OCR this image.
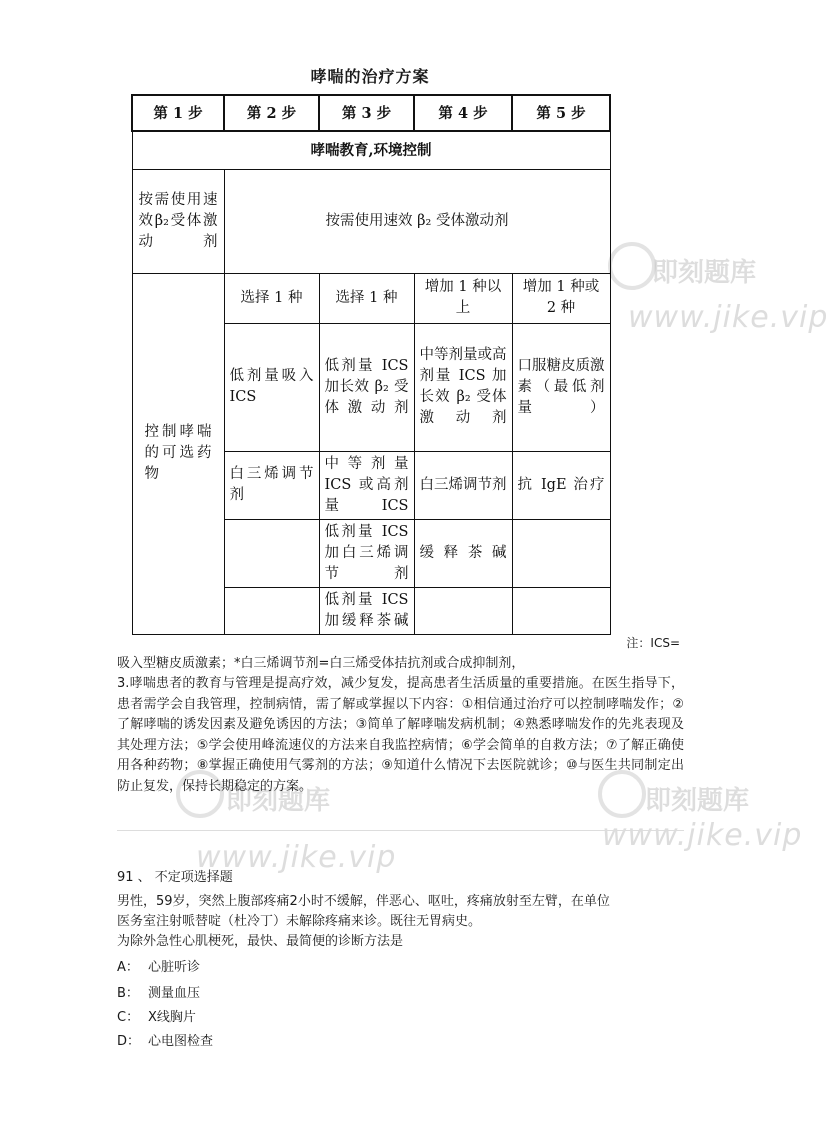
即刻题库
www.jike.vip
即刻题库
www.jike.vip
即刻题库
www.jike.vip
哮喘的治疗方案
第 1 步	第 2 步	第 3 步	第 4 步	第 5 步
哮喘教育,环境控制				
按需使用速效β₂受体激动剂	按需使用速效 β₂ 受体激动剂			
控制哮喘的可选药物	选择 1 种	选择 1 种	增加 1 种以上	增加 1 种或 2 种
	低剂量吸入 ICS	低剂量 ICS 加长效 β₂ 受体激动剂	中等剂量或高剂量 ICS 加长效 β₂ 受体激动剂	口服糖皮质激素（最低剂量）
	白三烯调节剂	中等剂量 ICS 或高剂量 ICS	白三烯调节剂	抗 IgE 治疗
		低剂量 ICS 加白三烯调节剂	缓释茶碱	
		低剂量 ICS 加缓释茶碱		
注：ICS=
吸入型糖皮质激素；*白三烯调节剂=白三烯受体拮抗剂或合成抑制剂，
3.哮喘患者的教育与管理是提高疗效，减少复发，提高患者生活质量的重要措施。在医生指导下，患者需学会自我管理，控制病情，需了解或掌握以下内容：①相信通过治疗可以控制哮喘发作；②了解哮喘的诱发因素及避免诱因的方法；③简单了解哮喘发病机制；④熟悉哮喘发作的先兆表现及其处理方法；⑤学会使用峰流速仪的方法来自我监控病情；⑥学会简单的自救方法；⑦了解正确使用各种药物；⑧掌握正确使用气雾剂的方法；⑨知道什么情况下去医院就诊；⑩与医生共同制定出防止复发，保持长期稳定的方案。
91 、 不定项选择题
男性，59岁，突然上腹部疼痛2小时不缓解，伴恶心、呕吐，疼痛放射至左臂，在单位
医务室注射哌替啶（杜冷丁）未解除疼痛来诊。既往无胃病史。
为除外急性心肌梗死，最快、最简便的诊断方法是
A： 心脏听诊
B： 测量血压
C： X线胸片
D： 心电图检查
